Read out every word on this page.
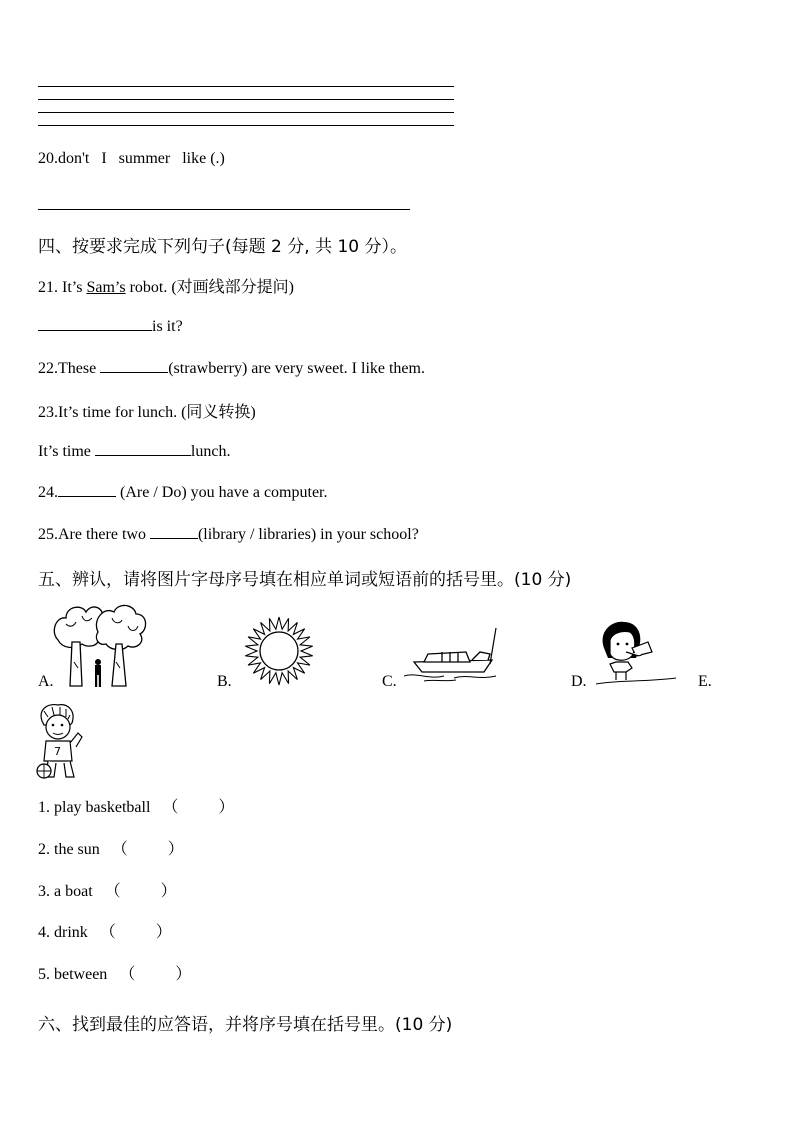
20.don't   I   summer   like (.)
四、按要求完成下列句子(每题 2 分, 共 10 分）。
21. It’s Sam’s robot. (对画线部分提问)
is it?
22.These	(strawberry) are very sweet. I like them.
23.It’s time for lunch. (同义转换)
It’s time	lunch.
24.	(Are / Do) you have a computer.
25.Are there two	(library / libraries) in your school?
五、辨认，请将图片字母序号填在相应单词或短语前的括号里。(10 分)
7
A.	B.	C.	D.	E.
1. play basketball （          ）
2. the sun （          ）
3. a boat （          ）
4. drink （          ）
5. between （          ）
六、找到最佳的应答语，并将序号填在括号里。(10 分)
